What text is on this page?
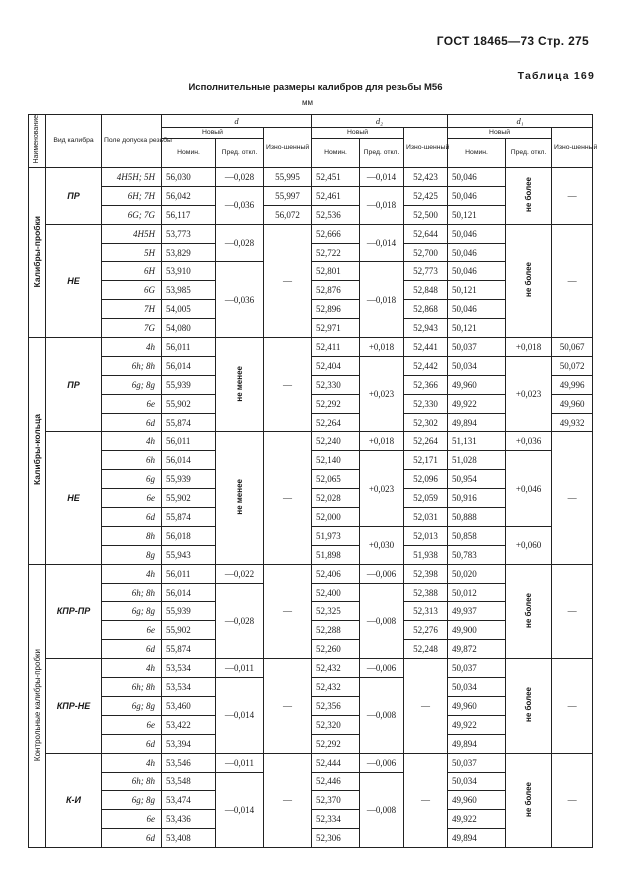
ГОСТ 18465—73 Стр. 275
Таблица 169
Исполнительные размеры калибров для резьбы М56
мм
Наименование	Вид калибра	Поле допуска резьбы	d			d₂			d₁		
			Новый		Изно-шенный	Новый		Изно-шенный	Новый		Изно-шенный
			Номин.	Пред. откл.		Номин.	Пред. откл.		Номин.	Пред. откл.	
Калибры-пробки	ПР	4H5H; 5H	56,030	—0,028	55,995	52,451	—0,014	52,423	50,046	не более	—
		6H; 7H	56,042	—0,036	55,997	52,461	—0,018	52,425	50,046		
		6G; 7G	56,117		56,072	52,536		52,500	50,121		
	НЕ	4H5H	53,773	—0,028	—	52,666	—0,014	52,644	50,046	не более	—
		5H	53,829			52,722		52,700	50,046		
		6H	53,910	—0,036		52,801	—0,018	52,773	50,046		
		6G	53,985			52,876		52,848	50,121		
		7H	54,005			52,896		52,868	50,046		
		7G	54,080			52,971		52,943	50,121		
Калибры-кольца	ПР	4h	56,011	не менее	—	52,411	+0,018	52,441	50,037	+0,018	50,067
		6h; 8h	56,014			52,404	+0,023	52,442	50,034	+0,023	50,072
		6g; 8g	55,939			52,330		52,366	49,960		49,996
		6e	55,902			52,292		52,330	49,922		49,960
		6d	55,874			52,264		52,302	49,894		49,932
	НЕ	4h	56,011	не менее	—	52,240	+0,018	52,264	51,131	+0,036	—
		6h	56,014			52,140	+0,023	52,171	51,028	+0,046	
		6g	55,939			52,065		52,096	50,954		
		6e	55,902			52,028		52,059	50,916		
		6d	55,874			52,000		52,031	50,888		
		8h	56,018			51,973	+0,030	52,013	50,858	+0,060	
		8g	55,943			51,898		51,938	50,783		
Контрольные калибры-пробки	КПР-ПР	4h	56,011	—0,022	—	52,406	—0,006	52,398	50,020	не более	—
		6h; 8h	56,014	—0,028		52,400	—0,008	52,388	50,012		
		6g; 8g	55,939			52,325		52,313	49,937		
		6e	55,902			52,288		52,276	49,900		
		6d	55,874			52,260		52,248	49,872		
	КПР-НЕ	4h	53,534	—0,011	—	52,432	—0,006	—	50,037	не более	—
		6h; 8h	53,534	—0,014		52,432	—0,008		50,034		
		6g; 8g	53,460			52,356			49,960		
		6e	53,422			52,320			49,922		
		6d	53,394			52,292			49,894		
	К-И	4h	53,546	—0,011	—	52,444	—0,006	—	50,037	не более	—
		6h; 8h	53,548	—0,014		52,446	—0,008		50,034		
		6g; 8g	53,474			52,370			49,960		
		6e	53,436			52,334			49,922		
		6d	53,408			52,306			49,894		
